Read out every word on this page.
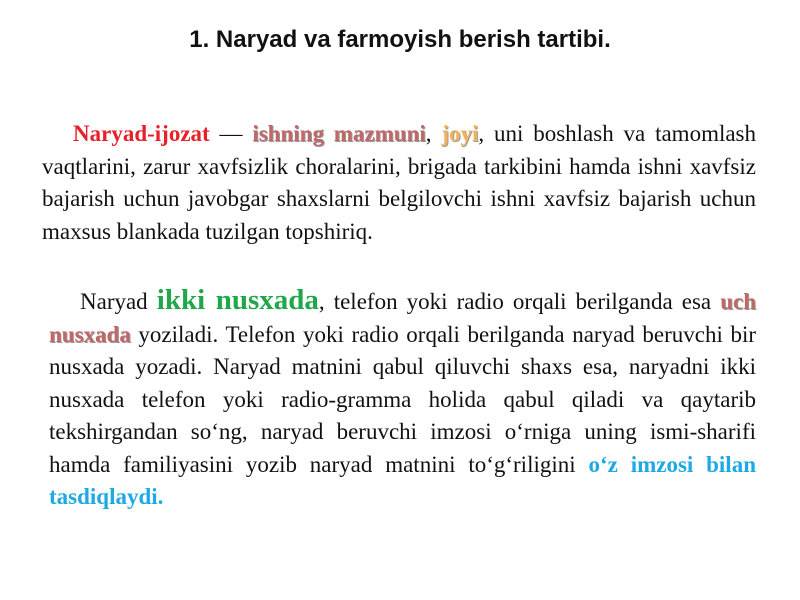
1. Naryad va farmoyish berish tartibi.

Naryad-ijozat — ishning mazmuni, joyi, uni boshlash va tamomlash vaqtlarini, zarur xavfsizlik choralarini, brigada tarkibini hamda ishni xavfsiz bajarish uchun javobgar shaxslarni belgilovchi ishni xavfsiz bajarish uchun maxsus blankada tuzilgan topshiriq.

Naryad ikki nusxada, telefon yoki radio orqali berilganda esa uch nusxada yoziladi. Telefon yoki radio orqali berilganda naryad beruvchi bir nusxada yozadi. Naryad matnini qabul qiluvchi shaxs esa, naryadni ikki nusxada telefon yoki radio-gramma holida qabul qiladi va qaytarib tekshirgandan so‘ng, naryad beruvchi imzosi o‘rniga uning ismi-sharifi hamda familiyasini yozib naryad matnini to‘g‘riligini o‘z imzosi bilan tasdiqlaydi.
